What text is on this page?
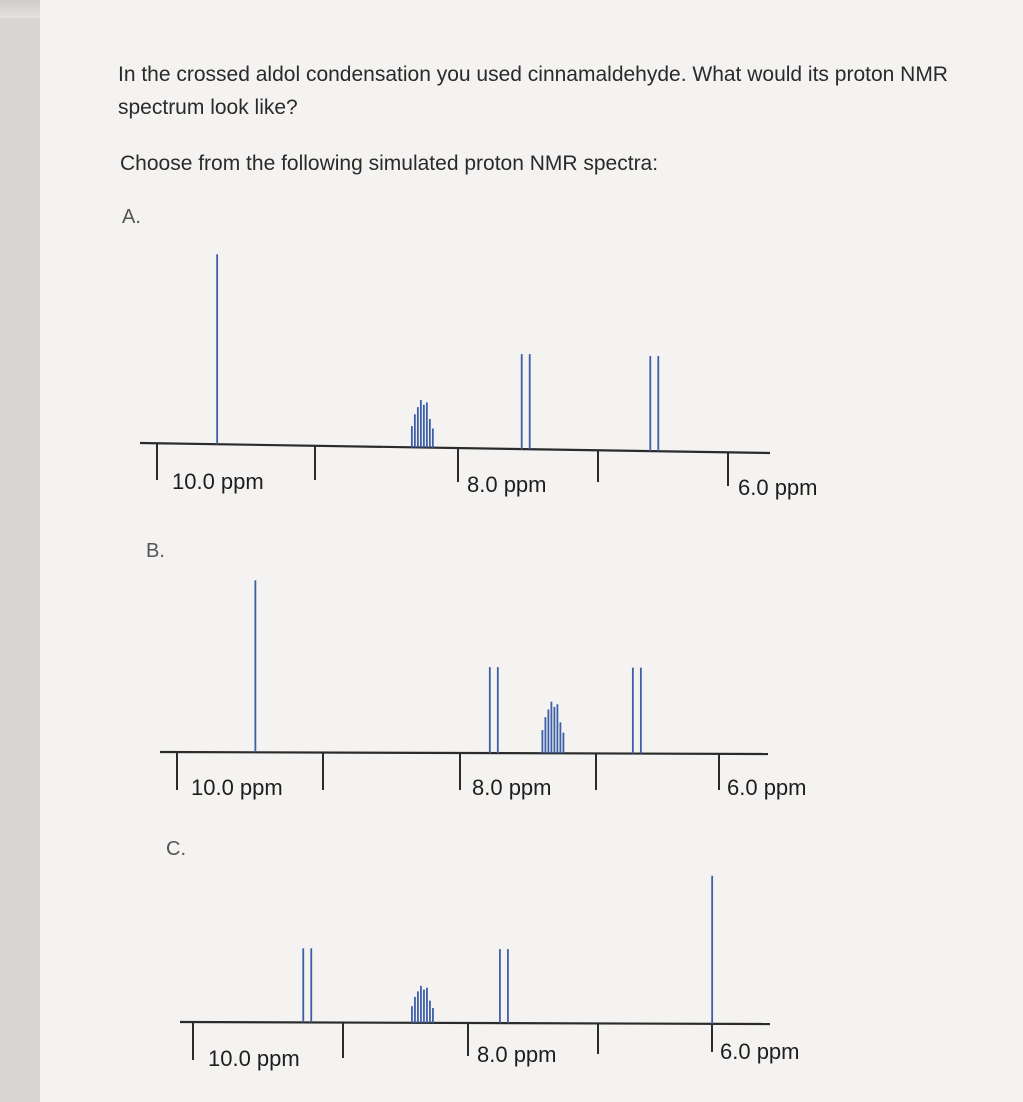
In the crossed aldol condensation you used cinnamaldehyde. What would its proton NMR spectrum look like?
Choose from the following simulated proton NMR spectra:
A.
B.
C.
10.0 ppm	8.0 ppm	6.0 ppm
10.0 ppm	8.0 ppm	6.0 ppm
10.0 ppm	8.0 ppm	6.0 ppm
